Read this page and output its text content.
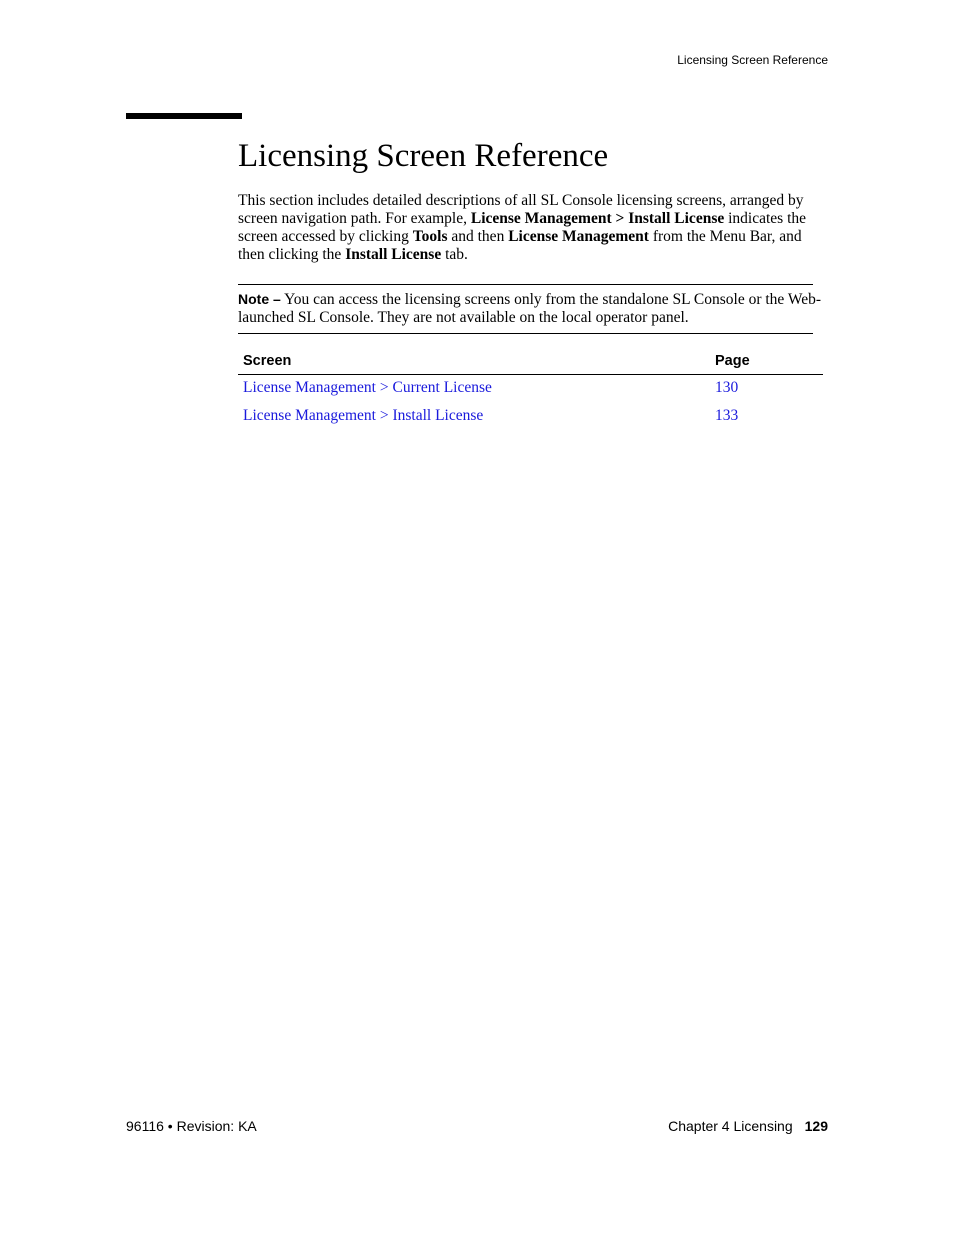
Licensing Screen Reference
Licensing Screen Reference

This section includes detailed descriptions of all SL Console licensing screens, arranged by screen navigation path. For example, License Management > Install License indicates the screen accessed by clicking Tools and then License Management from the Menu Bar, and then clicking the Install License tab.

Note – You can access the licensing screens only from the standalone SL Console or the Web-launched SL Console. They are not available on the local operator panel.

Screen	Page
License Management > Current License	130
License Management > Install License	133
96116 • Revision: KA	Chapter 4 Licensing 129
